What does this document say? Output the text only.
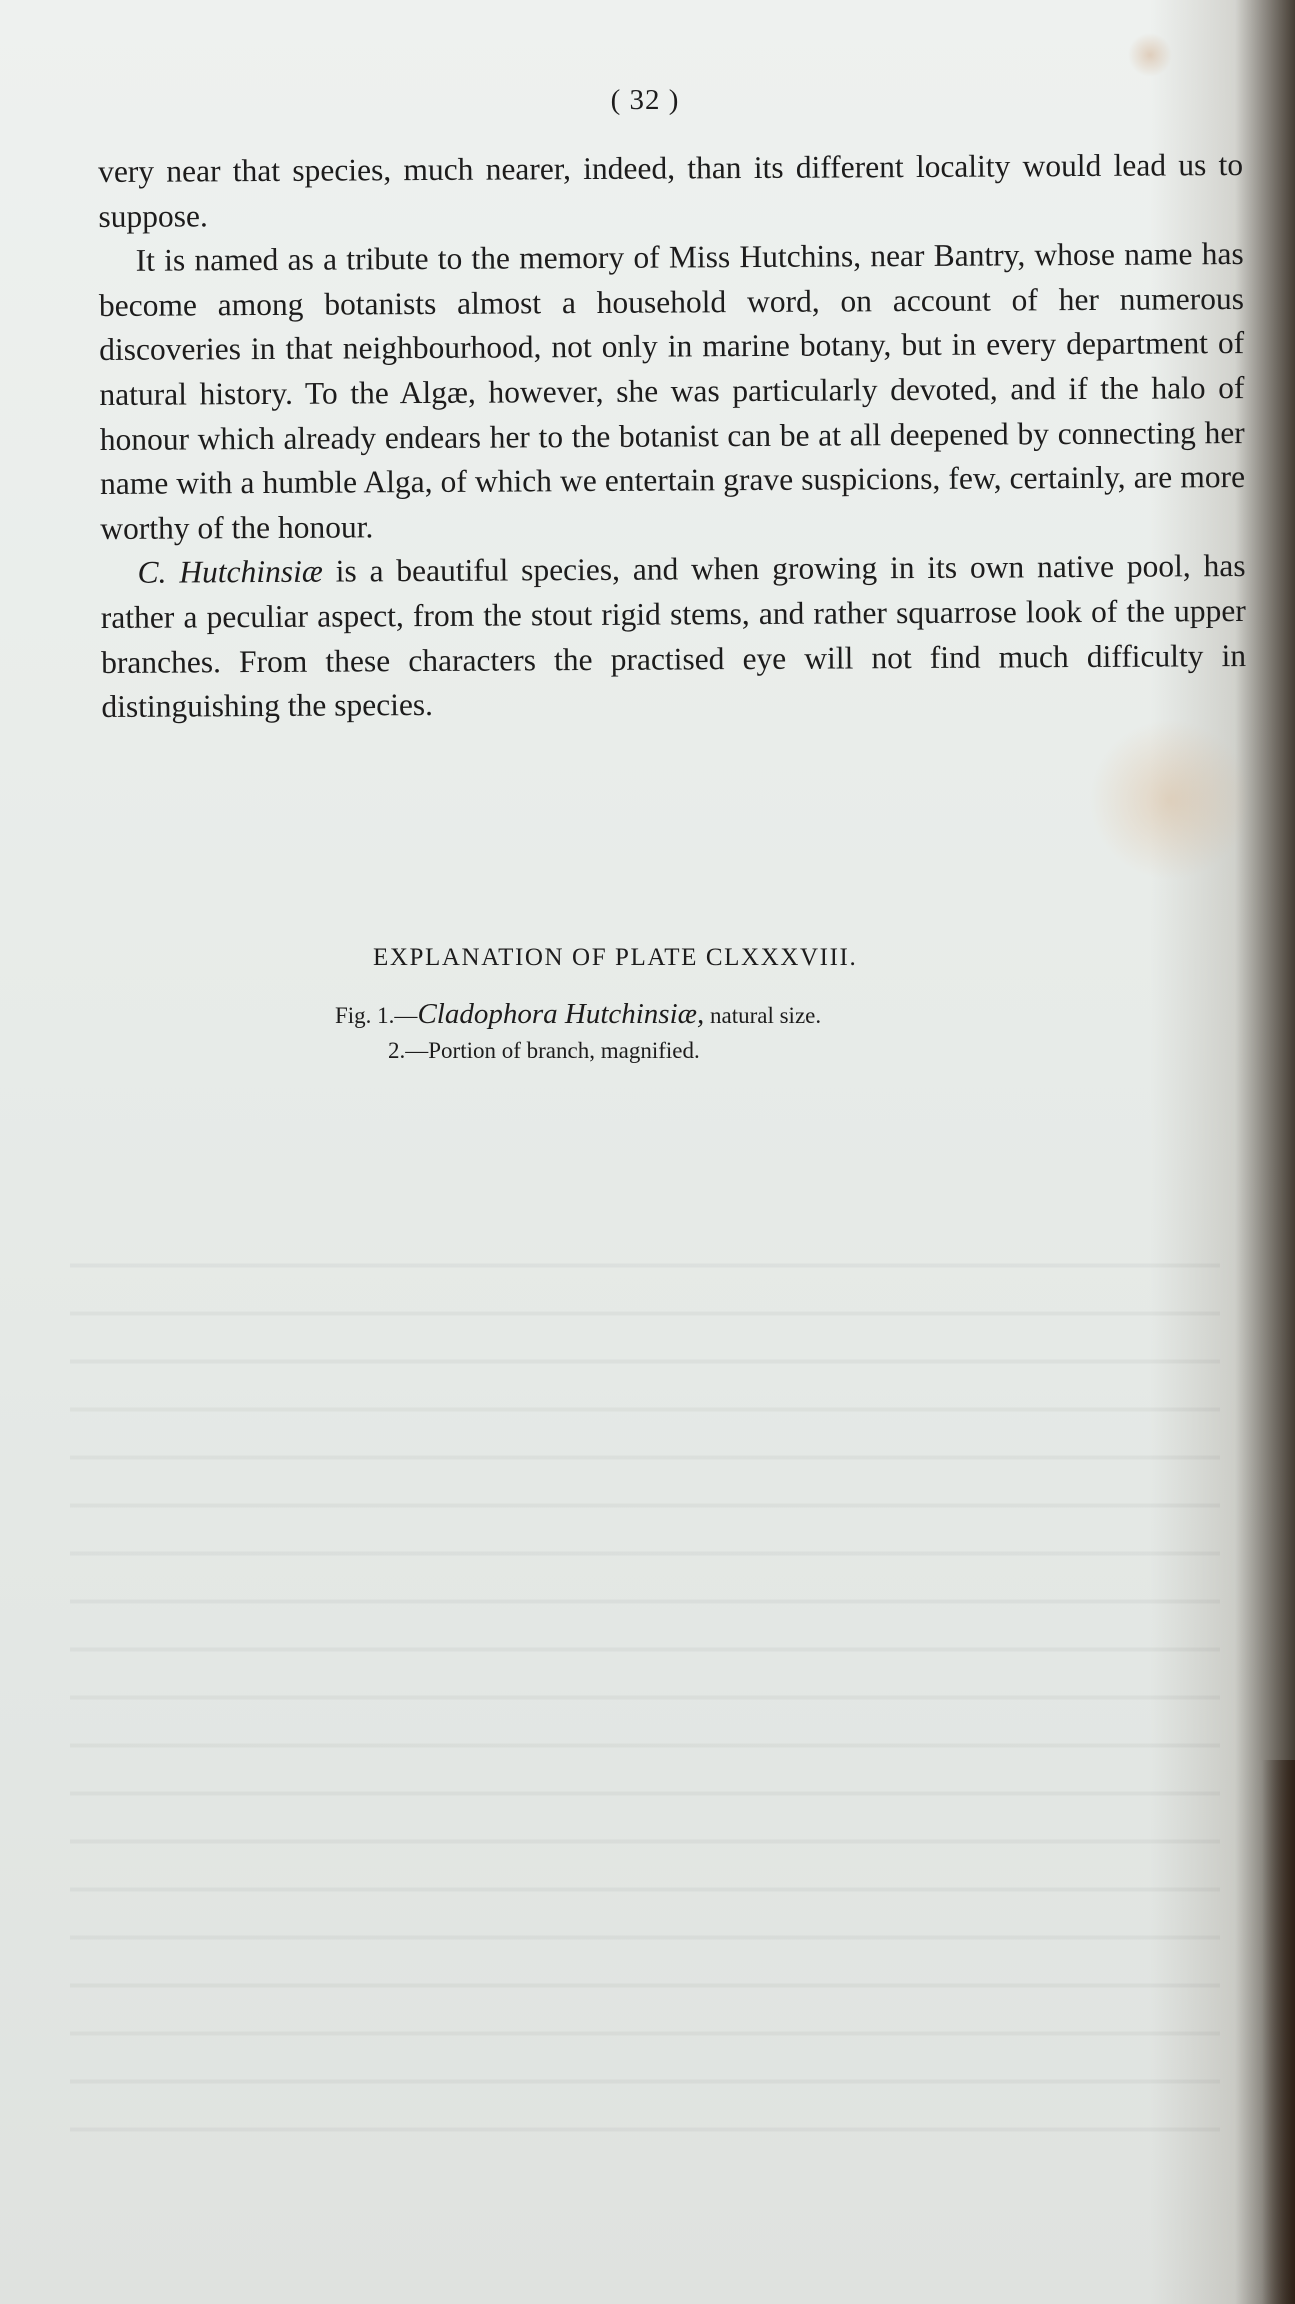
( 32 )

very near that species, much nearer, indeed, than its different locality would lead us to suppose.

It is named as a tribute to the memory of Miss Hutchins, near Bantry, whose name has become among botanists almost a household word, on account of her numerous discoveries in that neighbourhood, not only in marine botany, but in every department of natural history. To the Algæ, however, she was particularly devoted, and if the halo of honour which already endears her to the botanist can be at all deepened by connecting her name with a humble Alga, of which we entertain grave suspicions, few, certainly, are more worthy of the honour.

C. Hutchinsiæ is a beautiful species, and when growing in its own native pool, has rather a peculiar aspect, from the stout rigid stems, and rather squarrose look of the upper branches. From these characters the practised eye will not find much difficulty in distinguishing the species.

EXPLANATION OF PLATE CLXXXVIII.
Fig. 1.—Cladophora Hutchinsiæ, natural size.
2.—Portion of branch, magnified.
